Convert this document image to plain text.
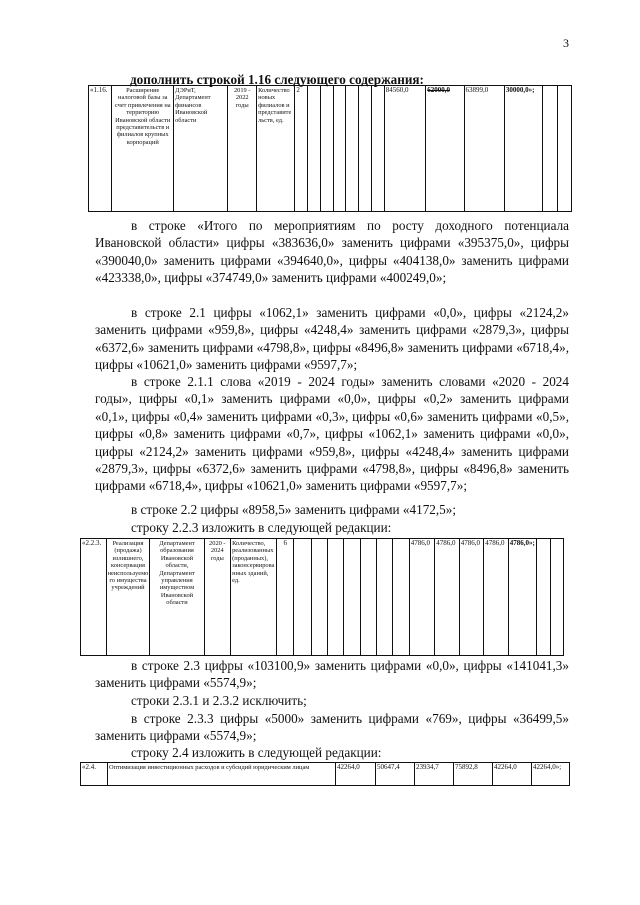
3
дополнить строкой 1.16 следующего содержания:
«1.16.	Расширение налоговой базы за счет привлечения на территорию Ивановской области представительств и филиалов крупных корпораций	ДЭРиТ, Департамент финансов Ивановской области	2019 - 2022 годы	Количество новых филиалов и представительств, ед.	2							84560,0	62000,0	63899,0	30000,0»;		
в строке «Итого по мероприятиям по росту доходного потенциала Ивановской области» цифры «383636,0» заменить цифрами «395375,0», цифры «390040,0» заменить цифрами «394640,0», цифры «404138,0» заменить цифрами «423338,0», цифры «374749,0» заменить цифрами «400249,0»;
в строке 2.1 цифры «1062,1» заменить цифрами «0,0», цифры «2124,2» заменить цифрами «959,8», цифры «4248,4» заменить цифрами «2879,3», цифры «6372,6» заменить цифрами «4798,8», цифры «8496,8» заменить цифрами «6718,4», цифры «10621,0» заменить цифрами «9597,7»;
в строке 2.1.1 слова «2019 - 2024 годы» заменить словами «2020 - 2024 годы», цифры «0,1» заменить цифрами «0,0», цифры «0,2» заменить цифрами «0,1», цифры «0,4» заменить цифрами «0,3», цифры «0,6» заменить цифрами «0,5», цифры «0,8» заменить цифрами «0,7», цифры «1062,1» заменить цифрами «0,0», цифры «2124,2» заменить цифрами «959,8», цифры «4248,4» заменить цифрами «2879,3», цифры «6372,6» заменить цифрами «4798,8», цифры «8496,8» заменить цифрами «6718,4», цифры «10621,0» заменить цифрами «9597,7»;
в строке 2.2 цифры «8958,5» заменить цифрами «4172,5»;
строку 2.2.3 изложить в следующей редакции:
«2.2.3.	Реализация (продажа) излишнего, консервация неиспользуемого имущества учреждений	Департамент образования Ивановской области, Департамент управления имуществом Ивановской области	2020 - 2024 годы	Количество, реализованных (проданных), законсервированных зданий, ед.	6								4786,0	4786,0	4786,0	4786,0	4786,0»;		
в строке 2.3 цифры «103100,9» заменить цифрами «0,0», цифры «141041,3» заменить цифрами «5574,9»;
строки 2.3.1 и 2.3.2 исключить;
в строке 2.3.3 цифры «5000» заменить цифрами «769», цифры «36499,5» заменить цифрами «5574,9»;
строку 2.4 изложить в следующей редакции:
«2.4.	Оптимизация инвестиционных расходов и субсидий юридическим лицам	42264,0	50647,4	23934,7	75892,8	42264,0	42264,0»;
